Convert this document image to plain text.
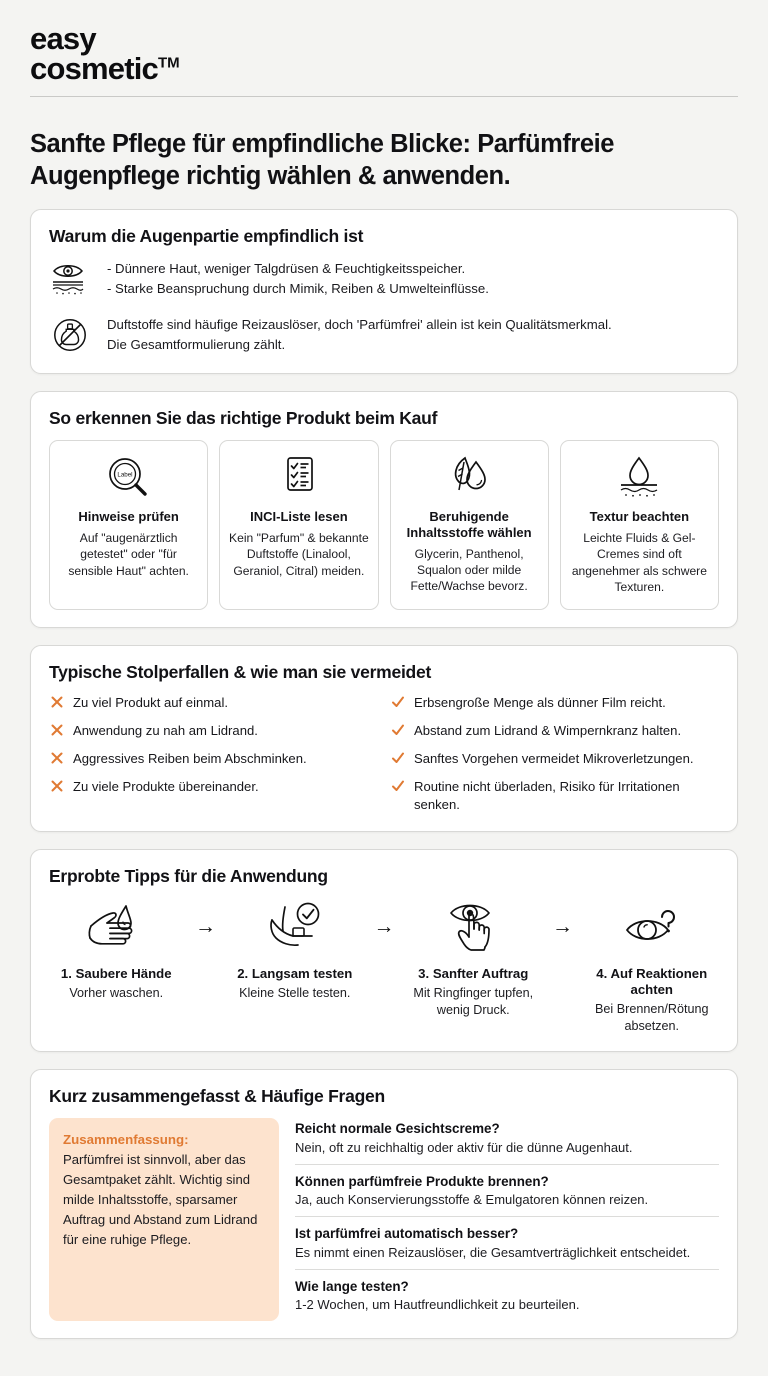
easy
cosmetic™
Sanfte Pflege für empfindliche Blicke: Parfümfreie Augenpflege richtig wählen & anwenden.
Warum die Augenpartie empfindlich ist
- Dünnere Haut, weniger Talgdrüsen & Feuchtigkeitsspeicher.
- Starke Beanspruchung durch Mimik, Reiben & Umwelteinflüsse.
Duftstoffe sind häufige Reizauslöser, doch 'Parfümfrei' allein ist kein Qualitätsmerkmal.
Die Gesamtformulierung zählt.
So erkennen Sie das richtige Produkt beim Kauf
Label
Hinweise prüfen
Auf "augenärztlich getestet" oder "für sensible Haut" achten.
INCI-Liste lesen
Kein "Parfum" & bekannte Duftstoffe (Linalool, Geraniol, Citral) meiden.
Beruhigende Inhaltsstoffe wählen
Glycerin, Panthenol, Squalon oder milde Fette/Wachse bevorz.
Textur beachten
Leichte Fluids & Gel-Cremes sind oft angenehmer als schwere Texturen.
Typische Stolperfallen & wie man sie vermeidet
Zu viel Produkt auf einmal.	Erbsengroße Menge als dünner Film reicht.
Anwendung zu nah am Lidrand.	Abstand zum Lidrand & Wimpernkranz halten.
Aggressives Reiben beim Abschminken.	Sanftes Vorgehen vermeidet Mikroverletzungen.
Zu viele Produkte übereinander.	Routine nicht überladen, Risiko für Irritationen senken.
Erprobte Tipps für die Anwendung
1. Saubere Hände
Vorher waschen.
→
2. Langsam testen
Kleine Stelle testen.
→
3. Sanfter Auftrag
Mit Ringfinger tupfen, wenig Druck.
→
4. Auf Reaktionen achten
Bei Brennen/Rötung absetzen.
Kurz zusammengefasst & Häufige Fragen
Zusammenfassung:
Parfümfrei ist sinnvoll, aber das Gesamtpaket zählt. Wichtig sind milde Inhaltsstoffe, sparsamer Auftrag und Abstand zum Lidrand für eine ruhige Pflege.
Reicht normale Gesichtscreme?
Nein, oft zu reichhaltig oder aktiv für die dünne Augenhaut.
Können parfümfreie Produkte brennen?
Ja, auch Konservierungsstoffe & Emulgatoren können reizen.
Ist parfümfrei automatisch besser?
Es nimmt einen Reizauslöser, die Gesamtverträglichkeit entscheidet.
Wie lange testen?
1-2 Wochen, um Hautfreundlichkeit zu beurteilen.
